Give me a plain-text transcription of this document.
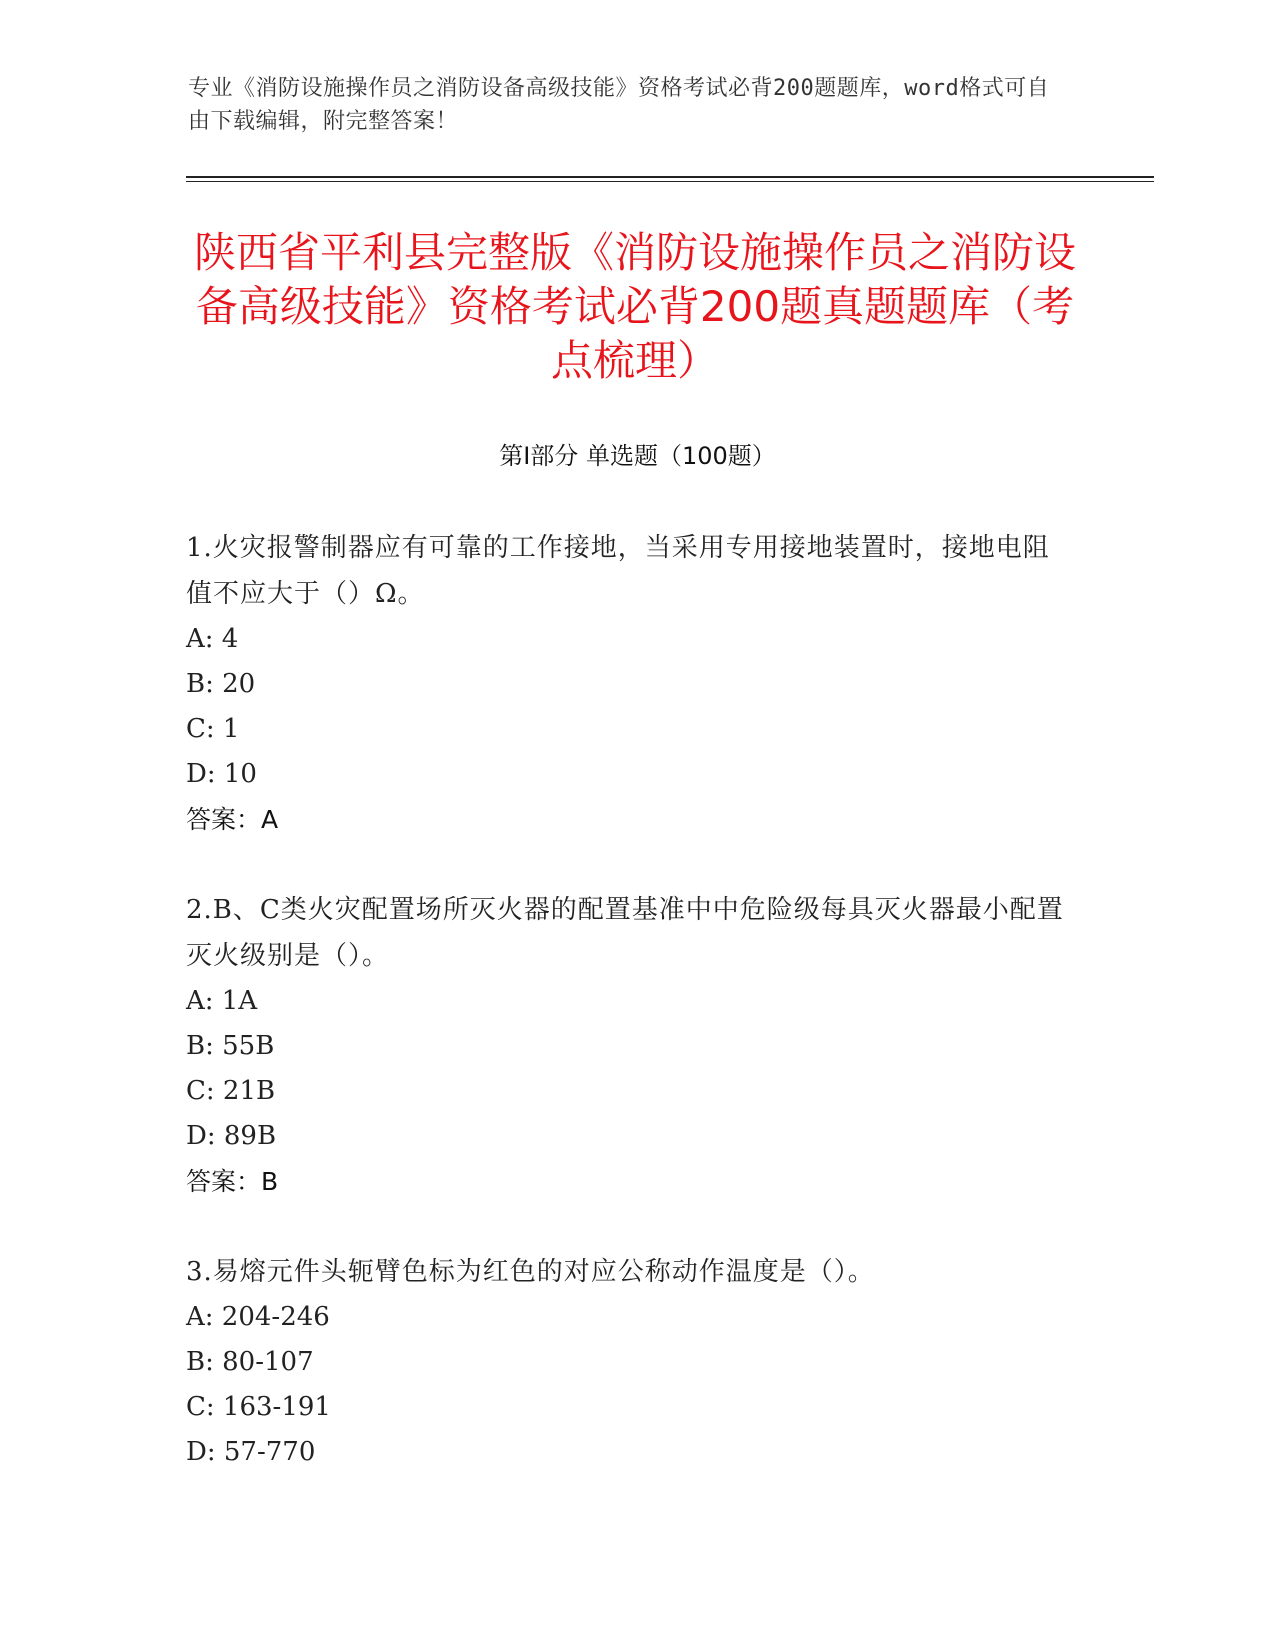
专业《消防设施操作员之消防设备高级技能》资格考试必背200题题库，word格式可自由下载编辑，附完整答案！
陕西省平利县完整版《消防设施操作员之消防设备高级技能》资格考试必背200题真题题库（考点梳理）
第Ⅰ部分 单选题（100题）
1.火灾报警制器应有可靠的工作接地，当采用专用接地装置时，接地电阻值不应大于（）Ω。
A: 4
B: 20
C: 1
D: 10
答案：A
2.B、C类火灾配置场所灭火器的配置基准中中危险级每具灭火器最小配置灭火级别是（）。
A: 1A
B: 55B
C: 21B
D: 89B
答案：B
3.易熔元件头轭臂色标为红色的对应公称动作温度是（）。
A: 204-246
B: 80-107
C: 163-191
D: 57-770
